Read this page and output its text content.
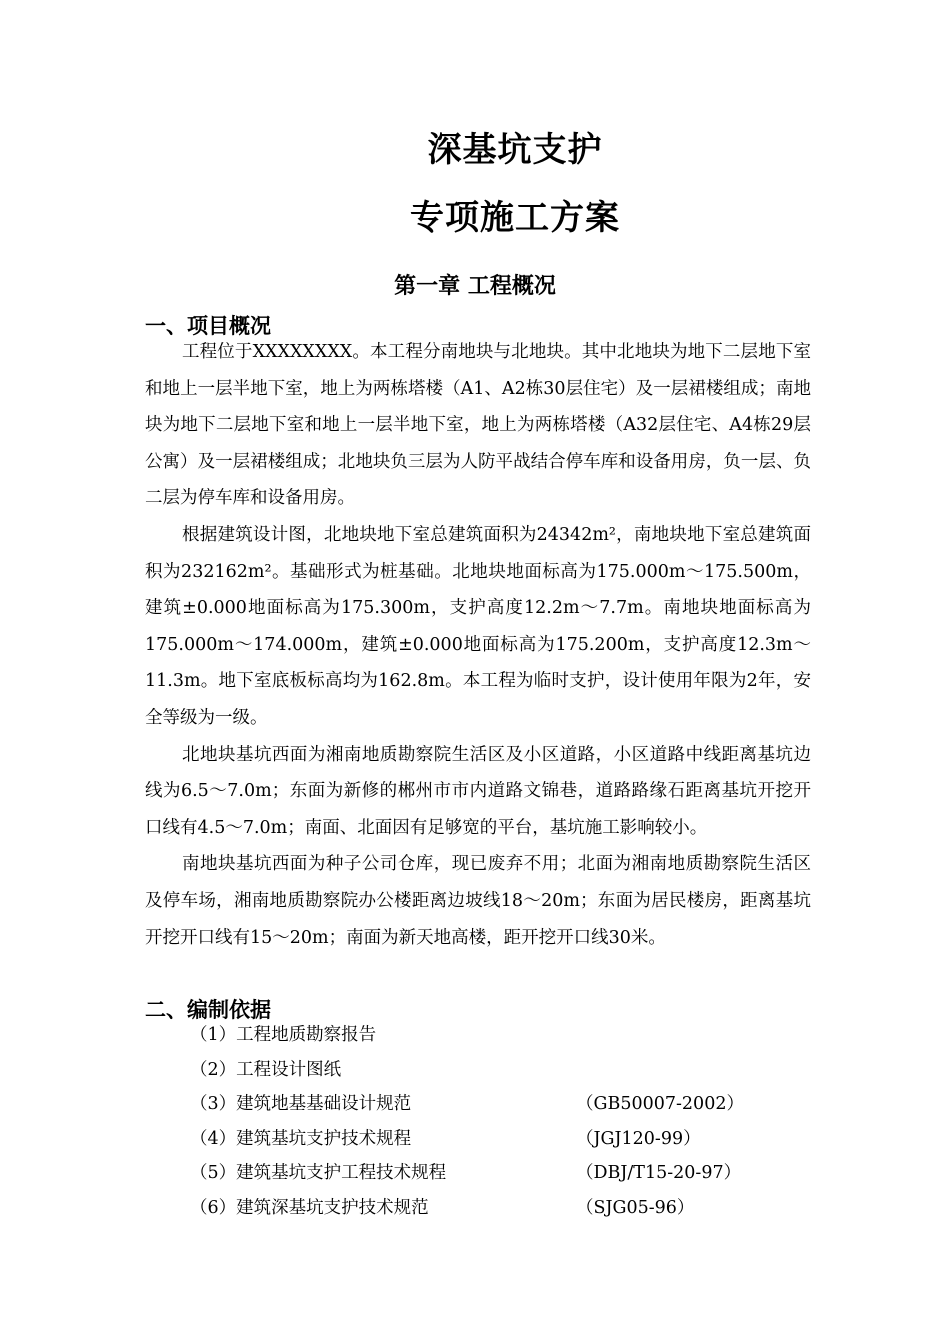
深基坑支护
专项施工方案
第一章 工程概况
一、项目概况

工程位于XXXXXXXX。本工程分南地块与北地块。其中北地块为地下二层地下室和地上一层半地下室，地上为两栋塔楼（A1、A2栋30层住宅）及一层裙楼组成；南地块为地下二层地下室和地上一层半地下室，地上为两栋塔楼（A32层住宅、A4栋29层公寓）及一层裙楼组成；北地块负三层为人防平战结合停车库和设备用房，负一层、负二层为停车库和设备用房。

根据建筑设计图，北地块地下室总建筑面积为24342m²，南地块地下室总建筑面积为232162m²。基础形式为桩基础。北地块地面标高为175.000m～175.500m，建筑±0.000地面标高为175.300m，支护高度12.2m～7.7m。南地块地面标高为175.000m～174.000m，建筑±0.000地面标高为175.200m，支护高度12.3m～11.3m。地下室底板标高均为162.8m。本工程为临时支护，设计使用年限为2年，安全等级为一级。

北地块基坑西面为湘南地质勘察院生活区及小区道路，小区道路中线距离基坑边线为6.5～7.0m；东面为新修的郴州市市内道路文锦巷，道路路缘石距离基坑开挖开口线有4.5～7.0m；南面、北面因有足够宽的平台，基坑施工影响较小。

南地块基坑西面为种子公司仓库，现已废弃不用；北面为湘南地质勘察院生活区及停车场，湘南地质勘察院办公楼距离边坡线18～20m；东面为居民楼房，距离基坑开挖开口线有15～20m；南面为新天地高楼，距开挖开口线30米。

二、编制依据
（1）工程地质勘察报告
（2）工程设计图纸
（3）建筑地基基础设计规范	（GB50007-2002）
（4）建筑基坑支护技术规程	（JGJ120-99）
（5）建筑基坑支护工程技术规程	（DBJ/T15-20-97）
（6）建筑深基坑支护技术规范	（SJG05-96）
